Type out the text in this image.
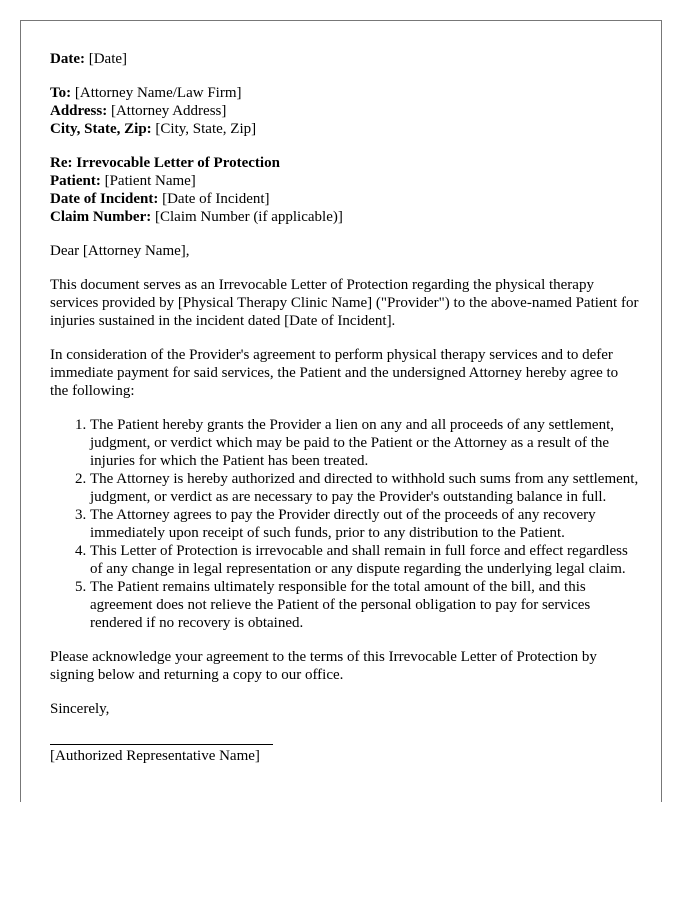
Date: [Date]

To: [Attorney Name/Law Firm]

Address: [Attorney Address]

City, State, Zip: [City, State, Zip]

Re: Irrevocable Letter of Protection

Patient: [Patient Name]

Date of Incident: [Date of Incident]

Claim Number: [Claim Number (if applicable)]

Dear [Attorney Name],

This document serves as an Irrevocable Letter of Protection regarding the physical therapy services provided by [Physical Therapy Clinic Name] ("Provider") to the above-named Patient for injuries sustained in the incident dated [Date of Incident].

In consideration of the Provider's agreement to perform physical therapy services and to defer immediate payment for said services, the Patient and the undersigned Attorney hereby agree to the following:

1. The Patient hereby grants the Provider a lien on any and all proceeds of any settlement, judgment, or verdict which may be paid to the Patient or the Attorney as a result of the injuries for which the Patient has been treated.
2. The Attorney is hereby authorized and directed to withhold such sums from any settlement, judgment, or verdict as are necessary to pay the Provider's outstanding balance in full.
3. The Attorney agrees to pay the Provider directly out of the proceeds of any recovery immediately upon receipt of such funds, prior to any distribution to the Patient.
4. This Letter of Protection is irrevocable and shall remain in full force and effect regardless of any change in legal representation or any dispute regarding the underlying legal claim.
5. The Patient remains ultimately responsible for the total amount of the bill, and this agreement does not relieve the Patient of the personal obligation to pay for services rendered if no recovery is obtained.

Please acknowledge your agreement to the terms of this Irrevocable Letter of Protection by signing below and returning a copy to our office.

Sincerely,

[Authorized Representative Name]
